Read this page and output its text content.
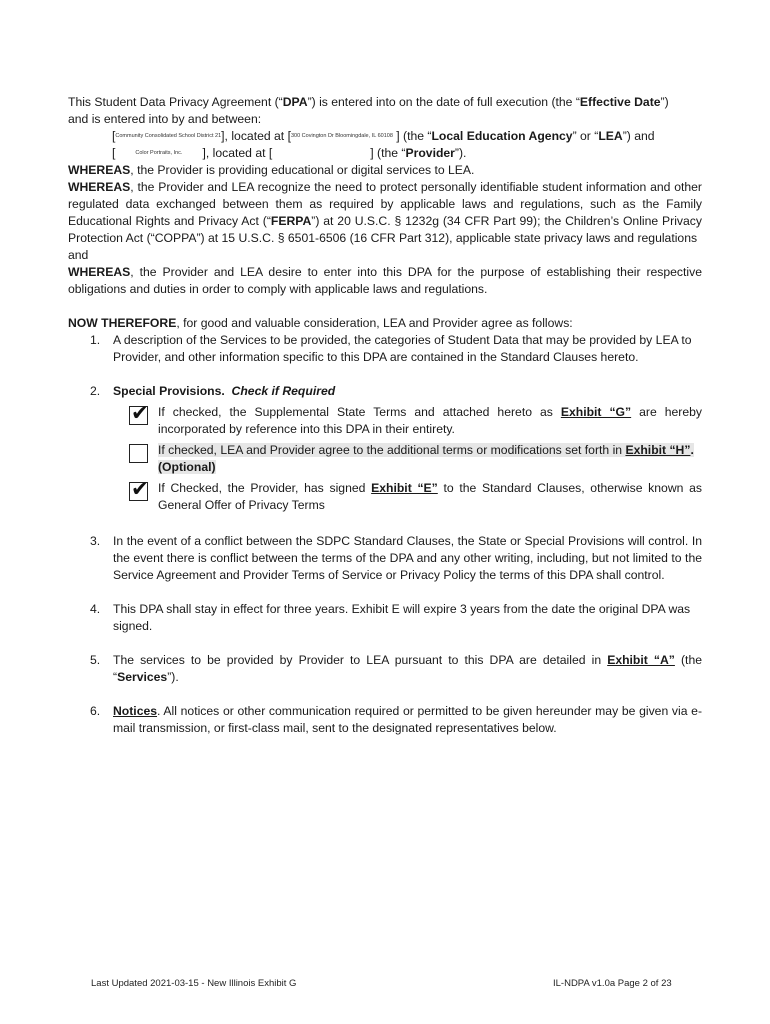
This Student Data Privacy Agreement (“DPA”) is entered into on the date of full execution (the “Effective Date”)
and is entered into by and between:
[$^{Community Consolidated School District 21}$], located at [$^{300 Covington Dr Bloomingdale, IL 60108}$ ] (the “Local Education Agency” or “LEA”) and
[	$^{Color Portraits, Inc.}$ ], located at [	] (the “Provider”).
WHEREAS, the Provider is providing educational or digital services to LEA.
WHEREAS, the Provider and LEA recognize the need to protect personally identifiable student information and other regulated data exchanged between them as required by applicable laws and regulations, such as the Family Educational Rights and Privacy Act (“FERPA”) at 20 U.S.C. § 1232g (34 CFR Part 99); the Children’s Online Privacy Protection Act (“COPPA”) at 15 U.S.C. § 6501-6506 (16 CFR Part 312), applicable state privacy laws and regulations
and
WHEREAS, the Provider and LEA desire to enter into this DPA for the purpose of establishing their respective obligations and duties in order to comply with applicable laws and regulations.
NOW THEREFORE, for good and valuable consideration, LEA and Provider agree as follows:
1. A description of the Services to be provided, the categories of Student Data that may be provided by LEA to Provider, and other information specific to this DPA are contained in the Standard Clauses hereto.
2. Special Provisions. Check if Required
✔ If checked, the Supplemental State Terms and attached hereto as Exhibit “G” are hereby incorporated by reference into this DPA in their entirety.
If checked, LEA and Provider agree to the additional terms or modifications set forth in Exhibit “H”. (Optional)
✔ If Checked, the Provider, has signed Exhibit “E” to the Standard Clauses, otherwise known as General Offer of Privacy Terms
3. In the event of a conflict between the SDPC Standard Clauses, the State or Special Provisions will control. In the event there is conflict between the terms of the DPA and any other writing, including, but not limited to the Service Agreement and Provider Terms of Service or Privacy Policy the terms of this DPA shall control.
4. This DPA shall stay in effect for three years. Exhibit E will expire 3 years from the date the original DPA was signed.
5. The services to be provided by Provider to LEA pursuant to this DPA are detailed in Exhibit “A” (the “Services”).
6. Notices. All notices or other communication required or permitted to be given hereunder may be given via e-mail transmission, or first-class mail, sent to the designated representatives below.
Last Updated 2021-03-15 - New Illinois Exhibit G	IL-NDPA v1.0a Page 2 of 23
